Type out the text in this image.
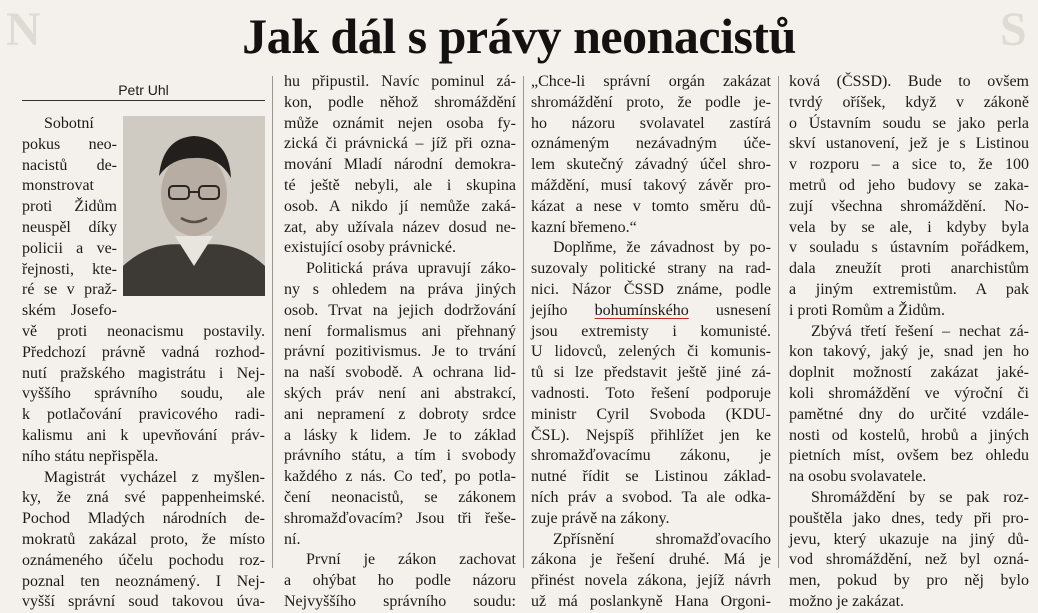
N	S
Jak dál s právy neonacistů
Petr Uhl
Sobotní
pokus neo-
nacistů de-
monstrovat
proti Židům
neuspěl díky
policii a ve-
řejnosti, kte-
ré se v praž-
ském Josefo-
vě proti neonacismu postavily.
Předchozí právně vadná rozhod-
nutí pražského magistrátu i Nej-
vyššího správního soudu, ale
k potlačování pravicového radi-
kalismu ani k upevňování práv-
ního státu nepřispěla.
Magistrát vycházel z myšlen-
ky, že zná své pappenheimské.
Pochod Mladých národních de-
mokratů zakázal proto, že místo
oznámeného účelu pochodu roz-
poznal ten neoznámený. I Nej-
vyšší správní soud takovou úva-
hu připustil. Navíc pominul zá-
kon, podle něhož shromáždění
může oznámit nejen osoba fy-
zická či právnická – jíž při ozna-
mování Mladí národní demokra-
té ještě nebyli, ale i skupina
osob. A nikdo jí nemůže zaká-
zat, aby užívala název dosud ne-
existující osoby právnické.
Politická práva upravují záko-
ny s ohledem na práva jiných
osob. Trvat na jejich dodržování
není formalismus ani přehnaný
právní pozitivismus. Je to trvání
na naší svobodě. A ochrana lid-
ských práv není ani abstrakcí,
ani nepramení z dobroty srdce
a lásky k lidem. Je to základ
právního státu, a tím i svobody
každého z nás. Co teď, po potla-
čení neonacistů, se zákonem
shromažďovacím? Jsou tři řeše-
ní.
První je zákon zachovat
a ohýbat ho podle názoru
Nejvyššího správního soudu:
„Chce-li správní orgán zakázat
shromáždění proto, že podle je-
ho názoru svolavatel zastírá
oznámeným nezávadným úče-
lem skutečný závadný účel shro-
máždění, musí takový závěr pro-
kázat a nese v tomto směru dů-
kazní břemeno.“
Doplňme, že závadnost by po-
suzovaly politické strany na rad-
nici. Názor ČSSD známe, podle
jejího bohumínského usnesení
jsou extremisty i komunisté.
U lidovců, zelených či komunis-
tů si lze představit ještě jiné zá-
vadnosti. Toto řešení podporuje
ministr Cyril Svoboda (KDU-
ČSL). Nejspíš přihlížet jen ke
shromažďovacímu zákonu, je
nutné řídit se Listinou základ-
ních práv a svobod. Ta ale odka-
zuje právě na zákony.
Zpřísnění shromažďovacího
zákona je řešení druhé. Má je
přinést novela zákona, jejíž návrh
už má poslankyně Hana Orgoni-
ková (ČSSD). Bude to ovšem
tvrdý oříšek, když v zákoně
o Ústavním soudu se jako perla
skví ustanovení, jež je s Listinou
v rozporu – a sice to, že 100
metrů od jeho budovy se zaka-
zují všechna shromáždění. No-
vela by se ale, i kdyby byla
v souladu s ústavním pořádkem,
dala zneužít proti anarchistům
a jiným extremistům. A pak
i proti Romům a Židům.
Zbývá třetí řešení – nechat zá-
kon takový, jaký je, snad jen ho
doplnit možností zakázat jaké-
koli shromáždění ve výroční či
pamětné dny do určité vzdále-
nosti od kostelů, hrobů a jiných
pietních míst, ovšem bez ohledu
na osobu svolavatele.
Shromáždění by se pak roz-
pouštěla jako dnes, tedy při pro-
jevu, který ukazuje na jiný dů-
vod shromáždění, než byl ozná-
men, pokud by pro něj bylo
možno je zakázat.
